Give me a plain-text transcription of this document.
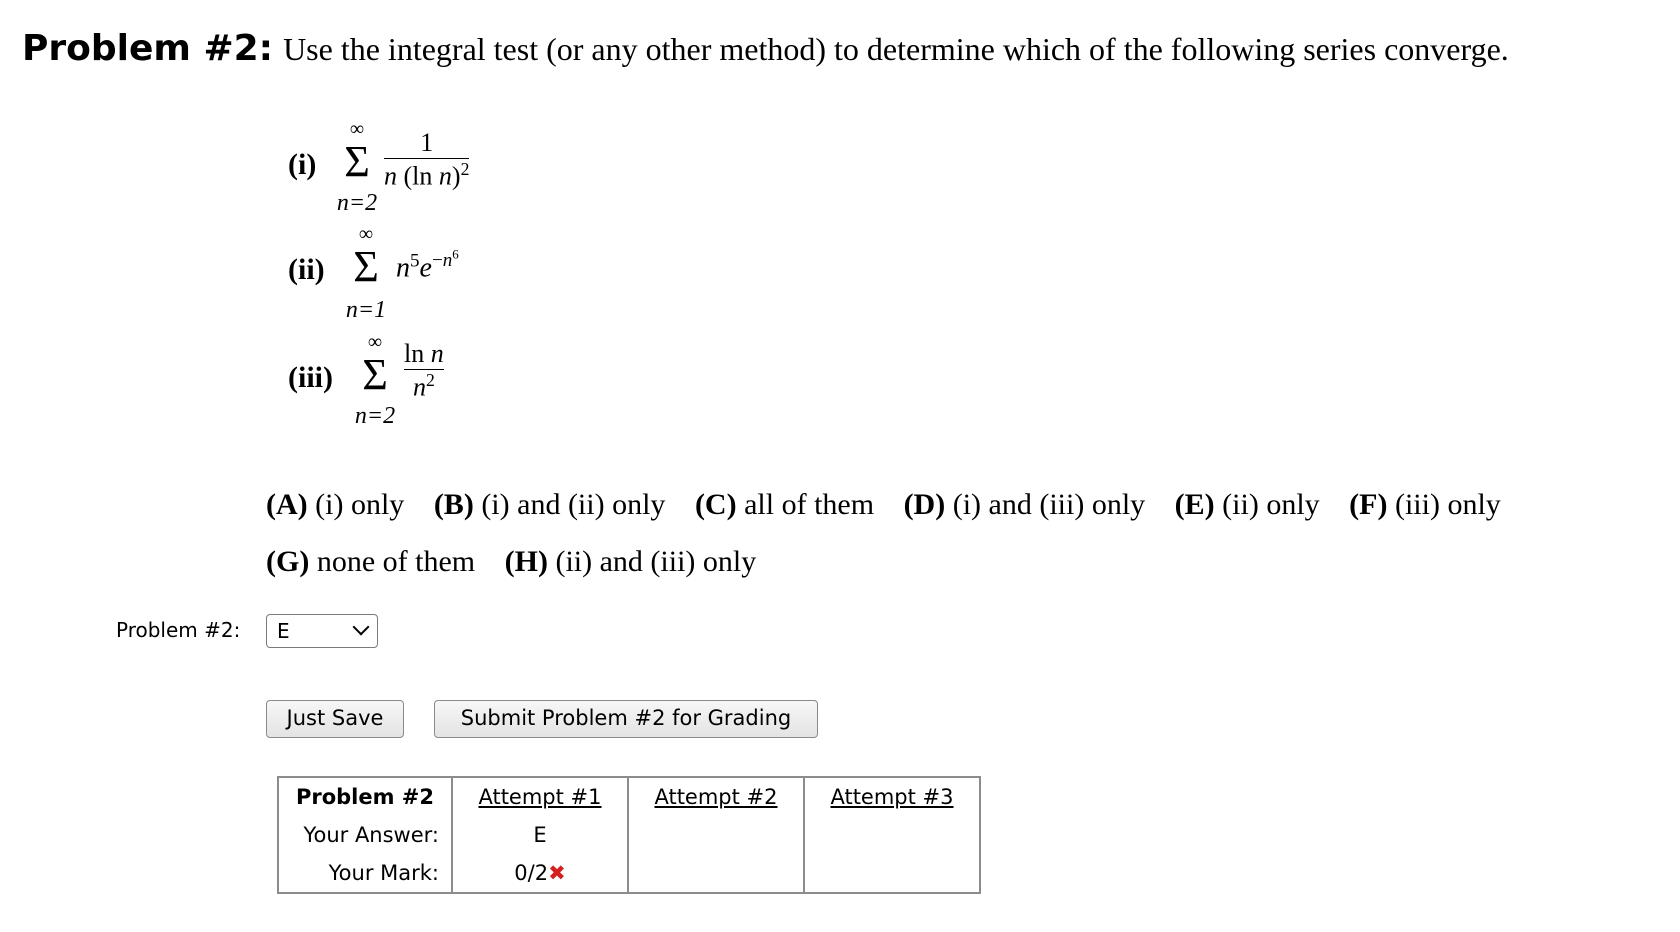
Problem #2: Use the integral test (or any other method) to determine which of the following series converge.
(i)
∞
Σ
n=2
1
n (ln n)$^2$
(ii)
∞
Σ
n=1
$n^5e^{-n^6}$
(iii)
∞
Σ
n=2
ln n
$n^2$
(A) (i) only (B) (i) and (ii) only (C) all of them (D) (i) and (iii) only (E) (ii) only (F) (iii) only
(G) none of them (H) (ii) and (iii) only
Problem #2: E
Just Save	Submit Problem #2 for Grading
Problem #2	Attempt #1	Attempt #2	Attempt #3
Your Answer:	E		
Your Mark:	0/2✖		
